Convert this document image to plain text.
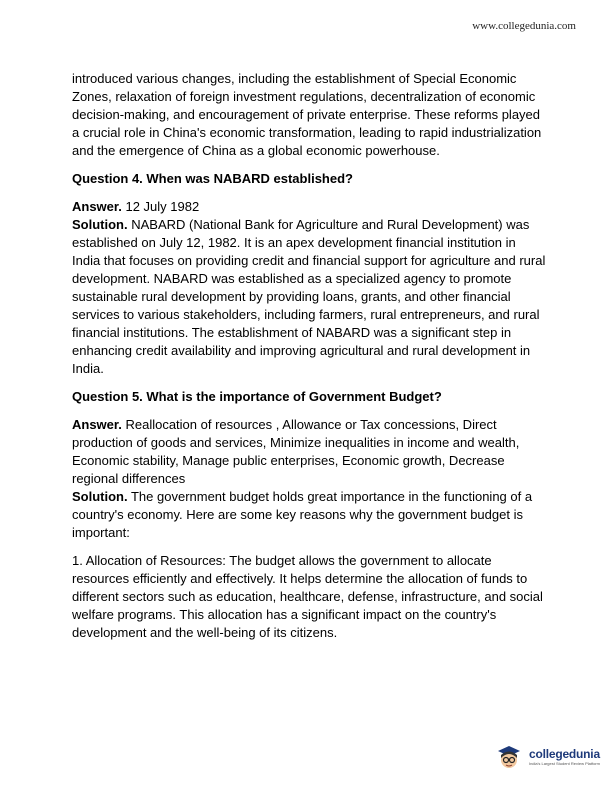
www.collegedunia.com

introduced various changes, including the establishment of Special Economic Zones, relaxation of foreign investment regulations, decentralization of economic decision-making, and encouragement of private enterprise. These reforms played a crucial role in China's economic transformation, leading to rapid industrialization and the emergence of China as a global economic powerhouse.

Question 4. When was NABARD established?

Answer. 12 July 1982

Solution. NABARD (National Bank for Agriculture and Rural Development) was established on July 12, 1982. It is an apex development financial institution in India that focuses on providing credit and financial support for agriculture and rural development. NABARD was established as a specialized agency to promote sustainable rural development by providing loans, grants, and other financial services to various stakeholders, including farmers, rural entrepreneurs, and rural financial institutions. The establishment of NABARD was a significant step in enhancing credit availability and improving agricultural and rural development in India.

Question 5. What is the importance of Government Budget?

Answer. Reallocation of resources , Allowance or Tax concessions, Direct production of goods and services, Minimize inequalities in income and wealth, Economic stability, Manage public enterprises, Economic growth, Decrease regional differences

Solution. The government budget holds great importance in the functioning of a country's economy. Here are some key reasons why the government budget is important:

1. Allocation of Resources: The budget allows the government to allocate resources efficiently and effectively. It helps determine the allocation of funds to different sectors such as education, healthcare, defense, infrastructure, and social welfare programs. This allocation has a significant impact on the country's development and the well-being of its citizens.

collegedunia
India's Largest Student Review Platform
